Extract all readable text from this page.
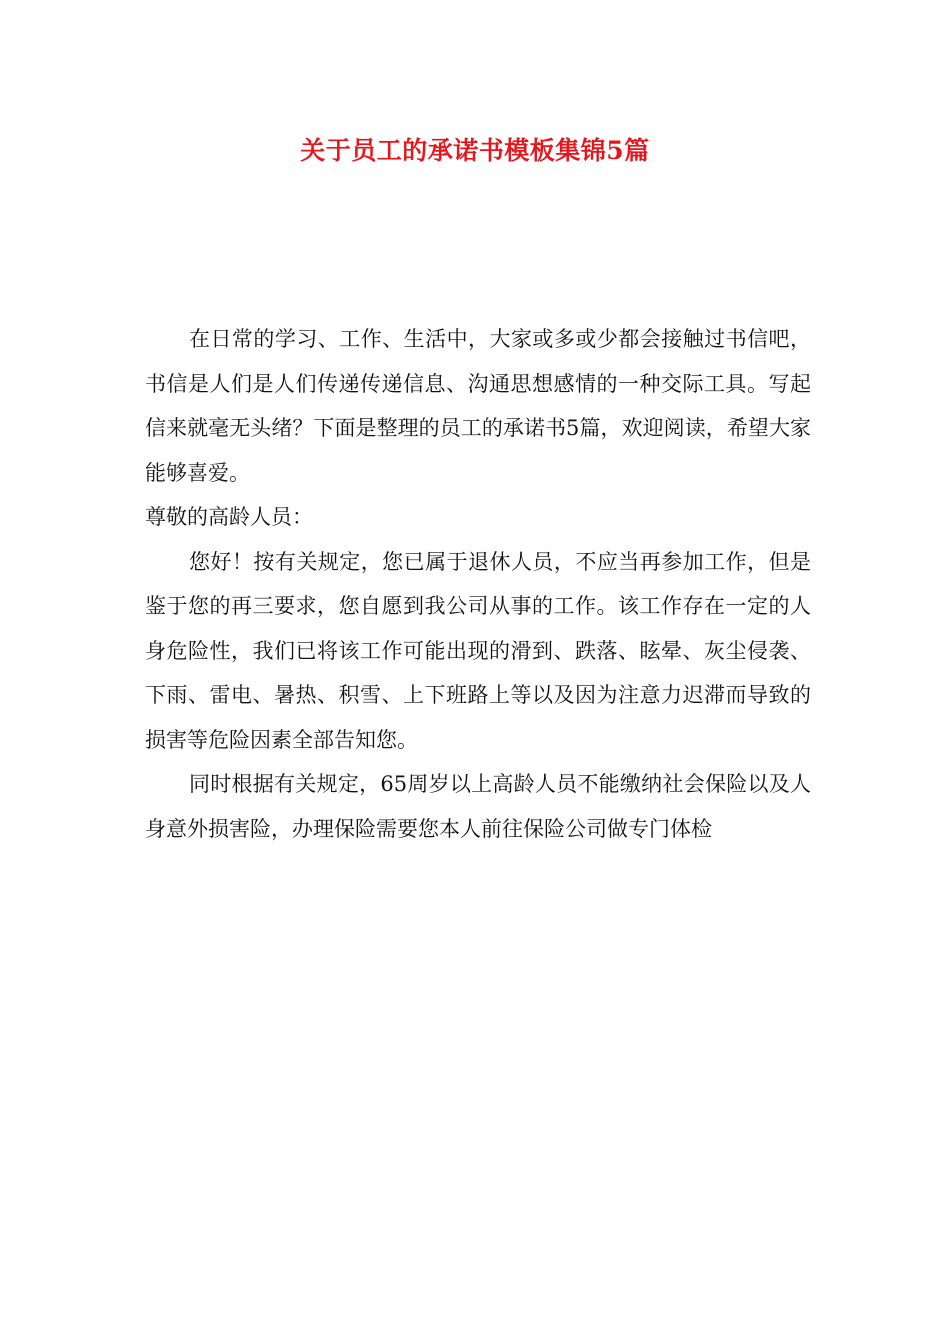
关于员工的承诺书模板集锦5篇

在日常的学习、工作、生活中，大家或多或少都会接触过书信吧，书信是人们是人们传递传递信息、沟通思想感情的一种交际工具。写起信来就毫无头绪？下面是整理的员工的承诺书5篇，欢迎阅读，希望大家能够喜爱。

尊敬的高龄人员：

您好！按有关规定，您已属于退休人员，不应当再参加工作，但是鉴于您的再三要求，您自愿到我公司从事的工作。该工作存在一定的人身危险性，我们已将该工作可能出现的滑到、跌落、眩晕、灰尘侵袭、下雨、雷电、暑热、积雪、上下班路上等以及因为注意力迟滞而导致的损害等危险因素全部告知您。

同时根据有关规定，65周岁以上高龄人员不能缴纳社会保险以及人身意外损害险，办理保险需要您本人前往保险公司做专门体检
